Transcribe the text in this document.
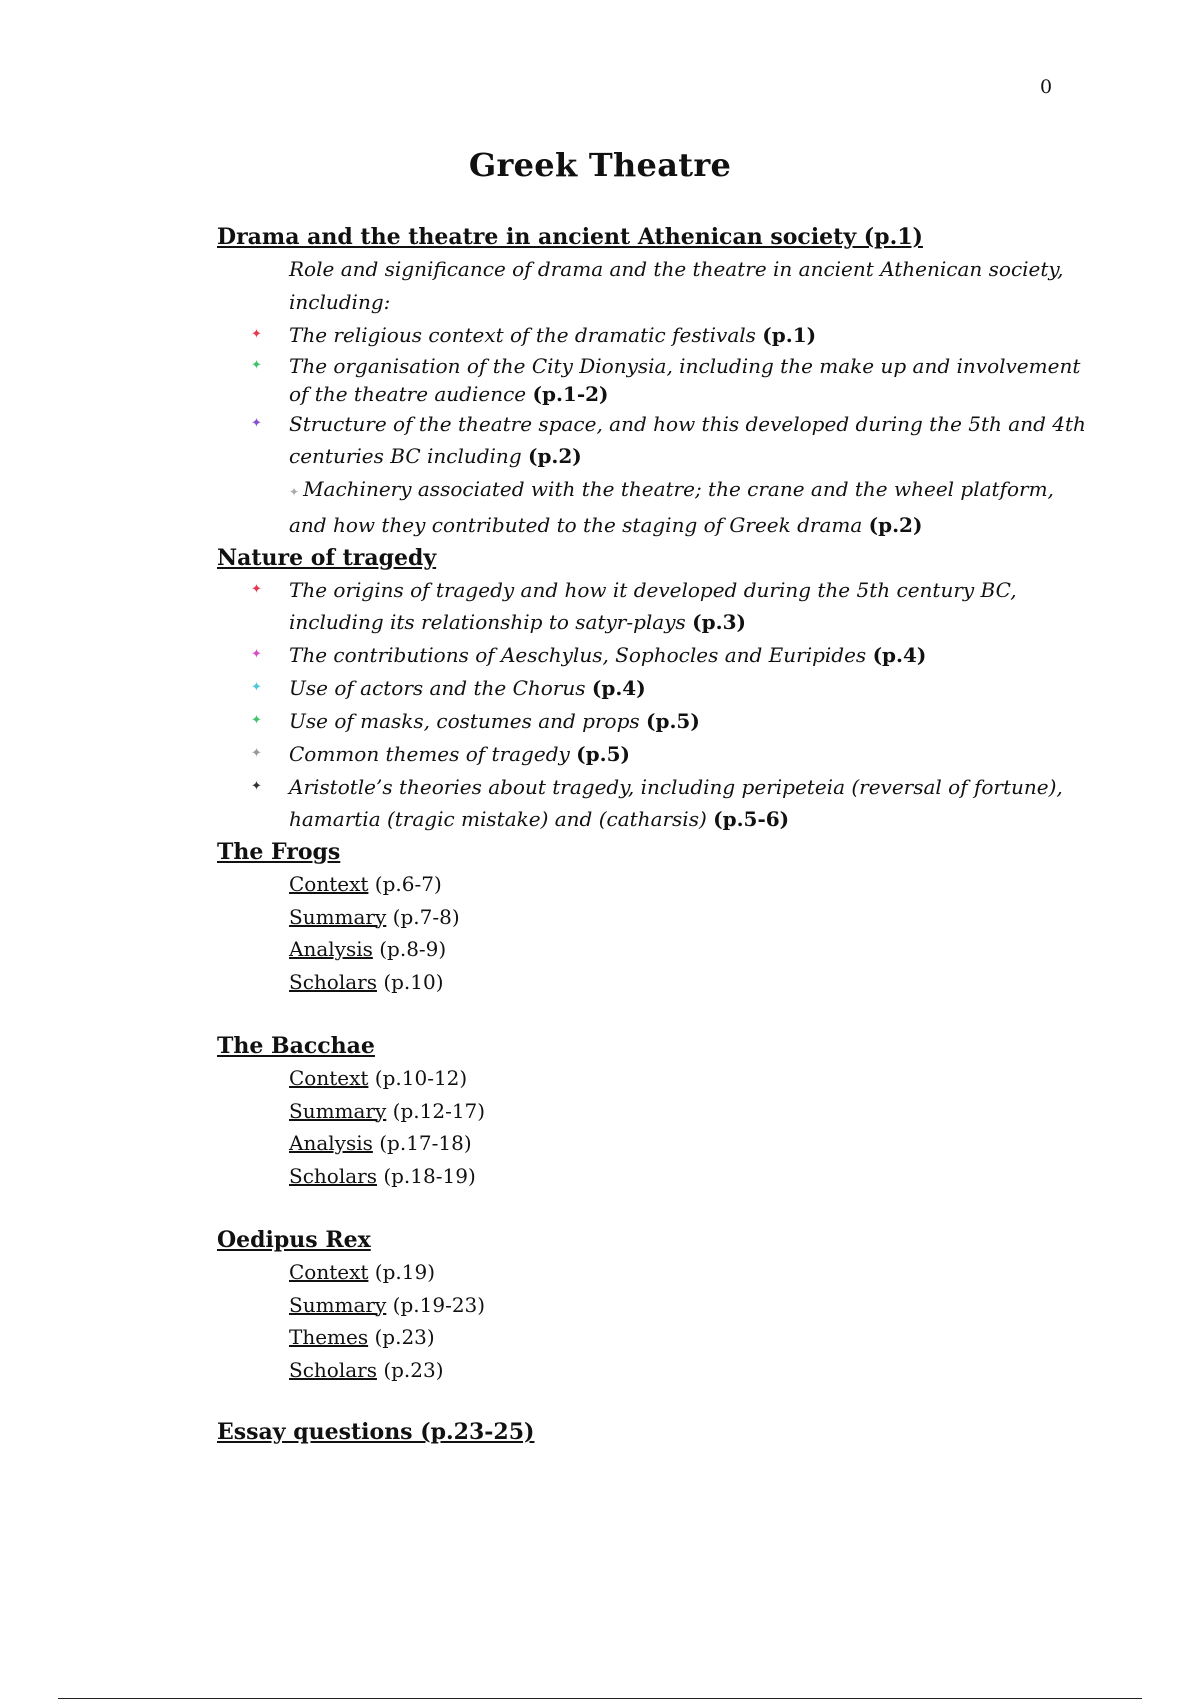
0
Greek Theatre
Drama and the theatre in ancient Athenican society (p.1)
Role and significance of drama and the theatre in ancient Athenican society, including:
✦ The religious context of the dramatic festivals (p.1)
✦ The organisation of the City Dionysia, including the make up and involvement of the theatre audience (p.1-2)
✦ Structure of the theatre space, and how this developed during the 5th and 4th centuries BC including (p.2)
✦ Machinery associated with the theatre; the crane and the wheel platform, and how they contributed to the staging of Greek drama (p.2)
Nature of tragedy
✦ The origins of tragedy and how it developed during the 5th century BC, including its relationship to satyr-plays (p.3)
✦ The contributions of Aeschylus, Sophocles and Euripides (p.4)
✦ Use of actors and the Chorus (p.4)
✦ Use of masks, costumes and props (p.5)
✦ Common themes of tragedy (p.5)
✦ Aristotle’s theories about tragedy, including peripeteia (reversal of fortune), hamartia (tragic mistake) and (catharsis) (p.5-6)
The Frogs
Context (p.6-7)
Summary (p.7-8)
Analysis (p.8-9)
Scholars (p.10)
The Bacchae
Context (p.10-12)
Summary (p.12-17)
Analysis (p.17-18)
Scholars (p.18-19)
Oedipus Rex
Context (p.19)
Summary (p.19-23)
Themes (p.23)
Scholars (p.23)
Essay questions (p.23-25)
